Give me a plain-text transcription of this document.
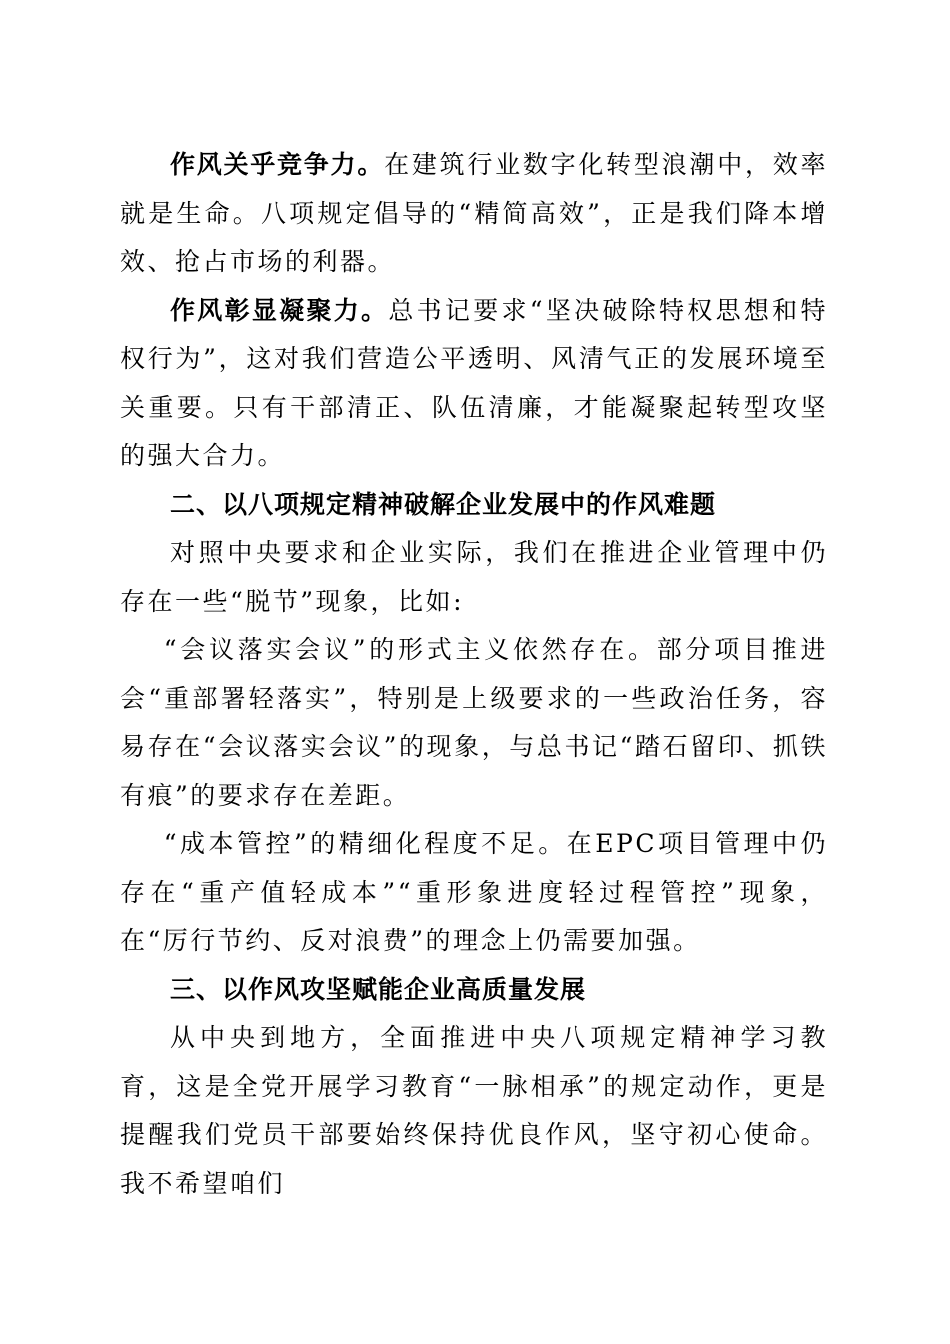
作风关乎竞争力。在建筑行业数字化转型浪潮中，效率就是生命。八项规定倡导的“精简高效”，正是我们降本增效、抢占市场的利器。

作风彰显凝聚力。总书记要求“坚决破除特权思想和特权行为”，这对我们营造公平透明、风清气正的发展环境至关重要。只有干部清正、队伍清廉，才能凝聚起转型攻坚的强大合力。

二、以八项规定精神破解企业发展中的作风难题

对照中央要求和企业实际，我们在推进企业管理中仍存在一些“脱节”现象，比如:

“会议落实会议”的形式主义依然存在。部分项目推进会“重部署轻落实”，特别是上级要求的一些政治任务，容易存在“会议落实会议”的现象，与总书记“踏石留印、抓铁有痕”的要求存在差距。

“成本管控”的精细化程度不足。在EPC项目管理中仍存在“重产值轻成本”“重形象进度轻过程管控”现象，在“厉行节约、反对浪费”的理念上仍需要加强。

三、以作风攻坚赋能企业高质量发展

从中央到地方，全面推进中央八项规定精神学习教育，这是全党开展学习教育“一脉相承”的规定动作，更是提醒我们党员干部要始终保持优良作风，坚守初心使命。我不希望咱们
